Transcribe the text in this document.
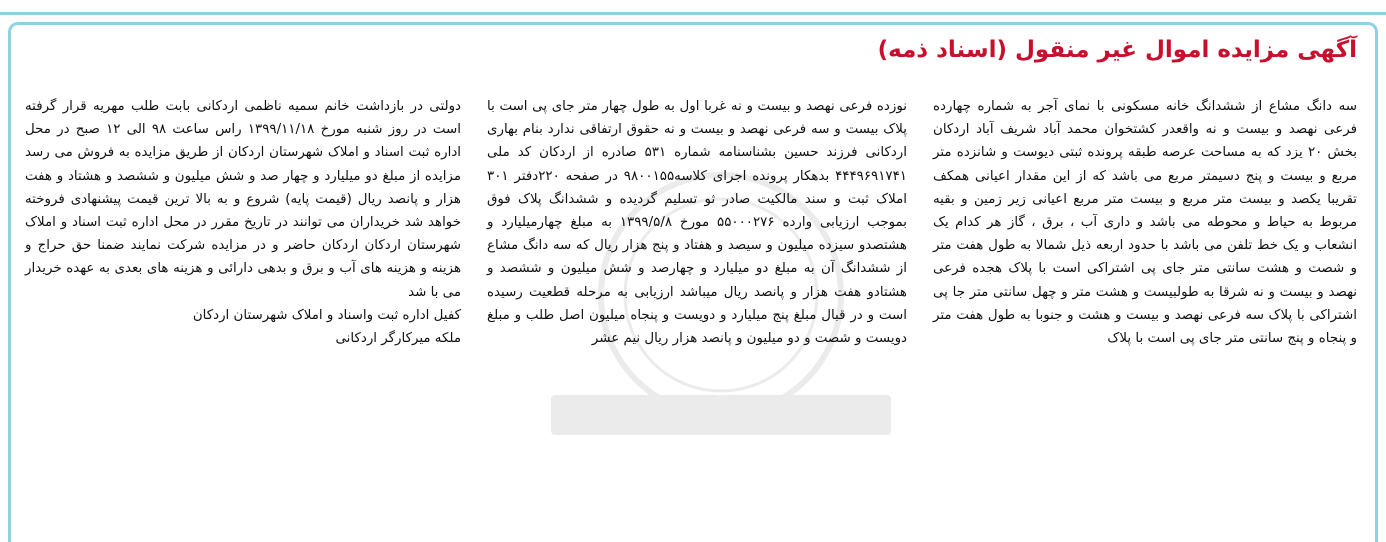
آگهی مزایده اموال غیر منقول (اسناد ذمه)

سه دانگ مشاع از ششدانگ خانه مسکونی با نمای آجر به شماره چهارده فرعی نهصد و بیست و نه واقعدر کشتخوان محمد آباد شریف آباد اردکان بخش ۲۰ یزد که به مساحت عرصه طبقه پرونده ثبتی دیوست و شانزده متر مربع و بیست و پنج دسیمتر مربع می باشد که از این مقدار اعیانی همکف تقریبا یکصد و بیست متر مربع و بیست متر مربع اعیانی زیر زمین و بقیه مربوط به حیاط و محوطه می باشد و داری آب ، برق ، گاز هر کدام یک انشعاب و یک خط تلفن می باشد با حدود اربعه ذیل شمالا به طول هفت متر و شصت و هشت سانتی متر جای پی اشتراکی است با پلاک هجده فرعی نهصد و بیست و نه شرقا به طولبیست و هشت متر و چهل سانتی متر جا پی اشتراکی با پلاک سه فرعی نهصد و بیست و هشت و جنوبا به طول هفت متر و پنجاه و پنج سانتی متر جای پی است با پلاک

نوزده فرعی نهصد و بیست و نه غربا اول به طول چهار متر جای پی است با پلاک بیست و سه فرعی نهصد و بیست و نه حقوق ارتفاقی ندارد بنام بهاری اردکانی فرزند حسین بشناسنامه شماره ۵۳۱ صادره از اردکان کد ملی ۴۴۴۹۶۹۱۷۴۱ بدهکار پرونده اجرای کلاسه۹۸۰۰۱۵۵ در صفحه ۲۲۰دفتر ۳۰۱ املاک ثبت و سند مالکیت صادر ثو تسلیم گردیده و ششدانگ پلاک فوق بموجب ارزیابی وارده ۵۵۰۰۰۲۷۶ مورخ ۱۳۹۹/۵/۸ به مبلغ چهارمیلیارد و هشتصدو سیزده میلیون و سیصد و هفتاد و پنج هزار ریال که سه دانگ مشاع از ششدانگ آن به مبلغ دو میلیارد و چهارصد و شش میلیون و ششصد و هشتادو هفت هزار و پانصد ریال میباشد ارزیابی به مرحله قطعیت رسیده است و در قبال مبلغ پنج میلیارد و دویست و پنجاه میلیون اصل طلب و مبلغ دویست و شصت و دو میلیون و پانصد هزار ریال نیم عشر

دولتی در بازداشت خانم سمیه ناظمی اردکانی بابت طلب مهریه قرار گرفته است در روز شنبه مورخ ۱۳۹۹/۱۱/۱۸ راس ساعت ۹۸ الی ۱۲ صبح در محل اداره ثبت اسناد و املاک شهرستان اردکان از طریق مزایده به فروش می رسد مزایده از مبلغ دو میلیارد و چهار صد و شش میلیون و ششصد و هشتاد و هفت هزار و پانصد ریال (قیمت پایه) شروع و به بالا ترین قیمت پیشنهادی فروخته خواهد شد خریداران می توانند در تاریخ مقرر در محل اداره ثبت اسناد و املاک شهرستان اردکان اردکان حاضر و در مزایده شرکت نمایند ضمنا حق حراج و هزینه و هزینه های آب و برق و بدهی دارائی و هزینه های بعدی به عهده خریدار می با شد

کفیل اداره ثبت واسناد و املاک شهرستان اردکان

ملکه میرکارگر اردکانی
